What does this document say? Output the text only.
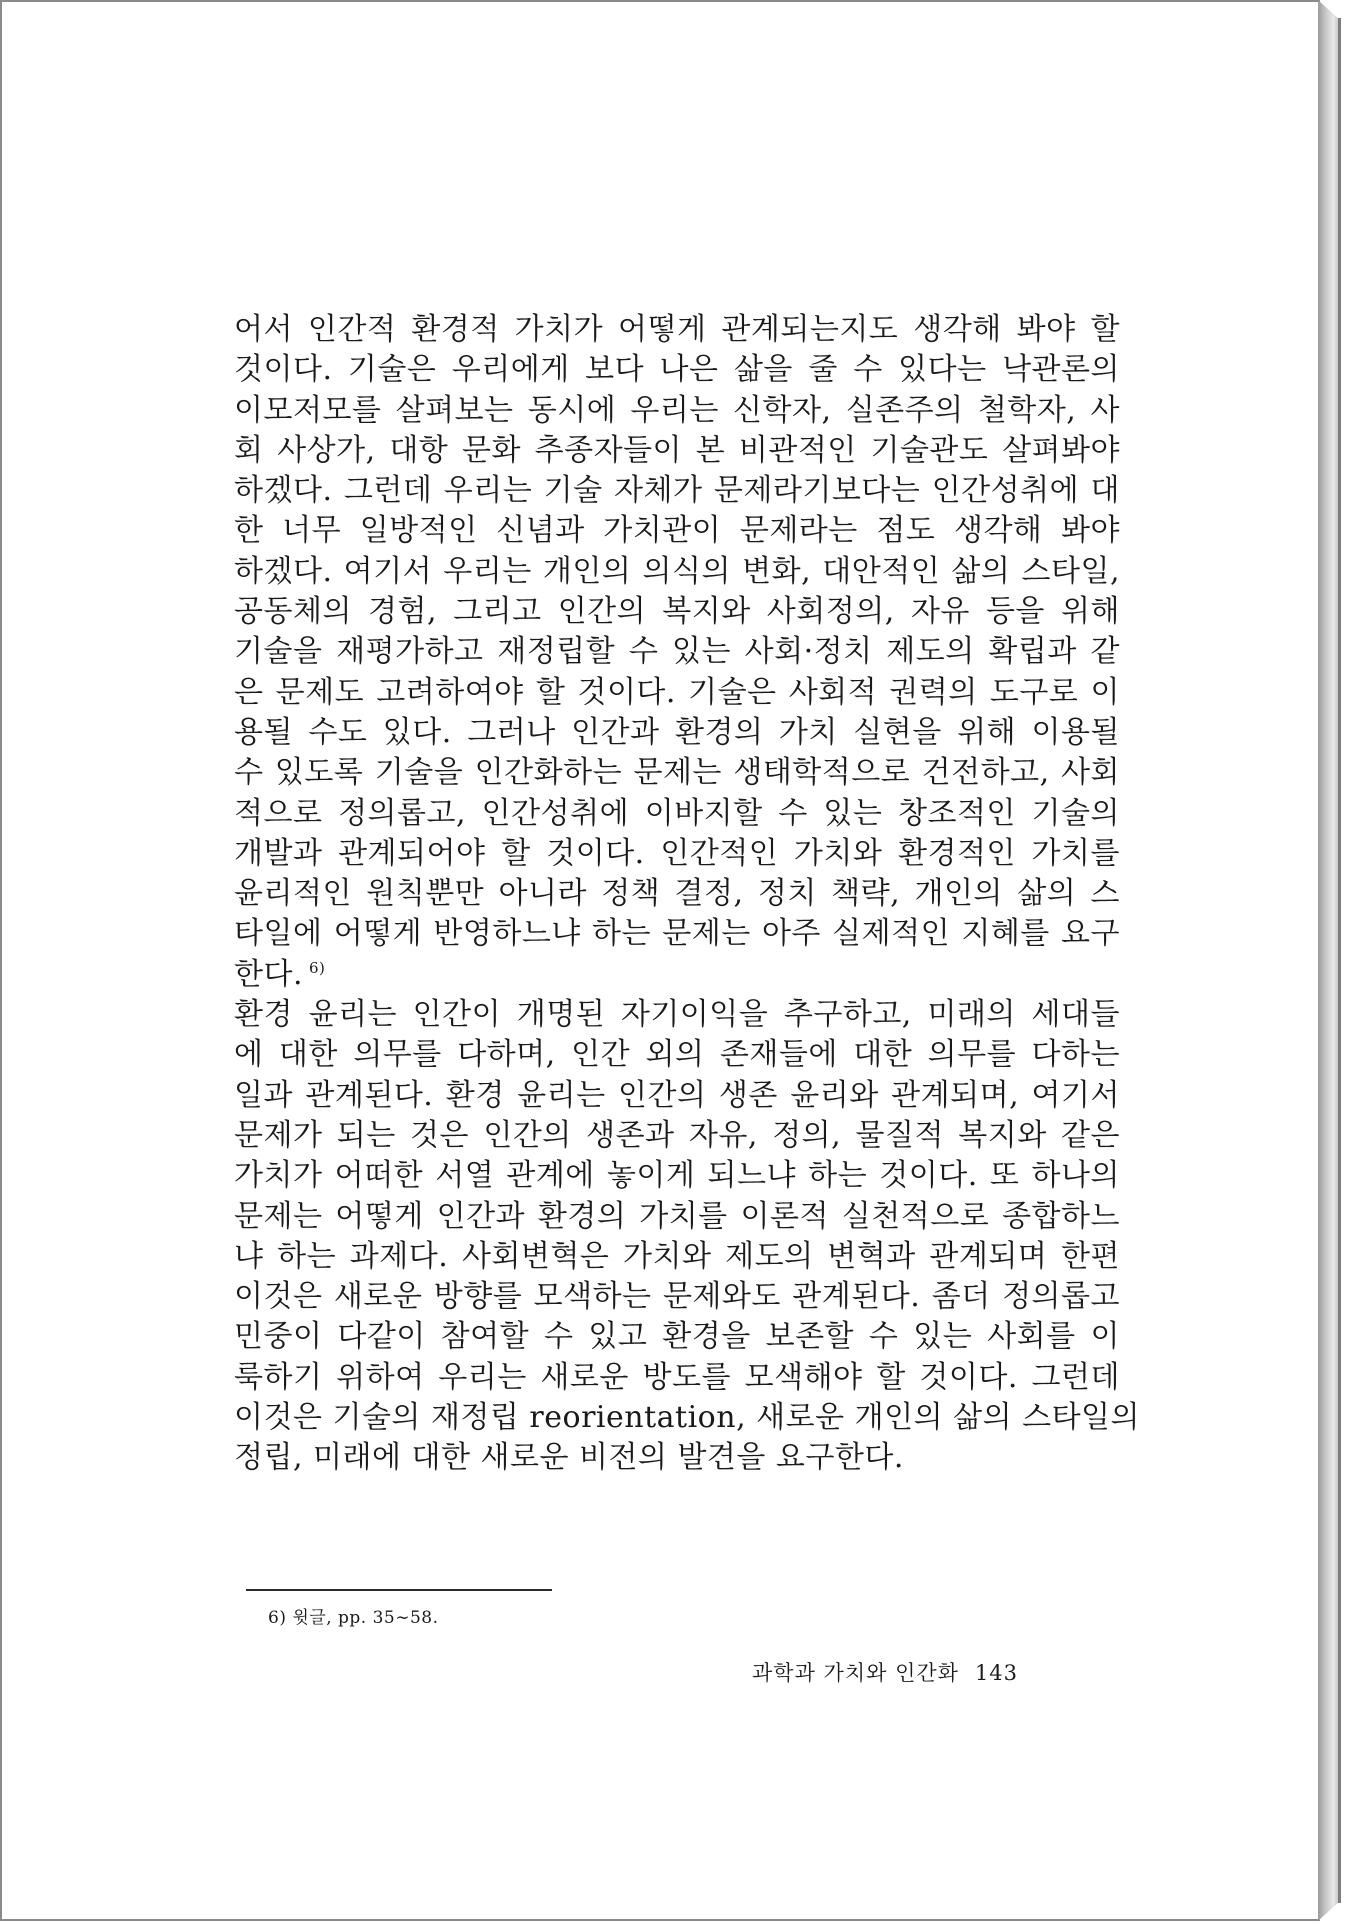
어서 인간적 환경적 가치가 어떻게 관계되는지도 생각해 봐야 할
것이다. 기술은 우리에게 보다 나은 삶을 줄 수 있다는 낙관론의
이모저모를 살펴보는 동시에 우리는 신학자, 실존주의 철학자, 사
회 사상가, 대항 문화 추종자들이 본 비관적인 기술관도 살펴봐야
하겠다. 그런데 우리는 기술 자체가 문제라기보다는 인간성취에 대
한 너무 일방적인 신념과 가치관이 문제라는 점도 생각해 봐야
하겠다. 여기서 우리는 개인의 의식의 변화, 대안적인 삶의 스타일,
공동체의 경험, 그리고 인간의 복지와 사회정의, 자유 등을 위해
기술을 재평가하고 재정립할 수 있는 사회·정치 제도의 확립과 같
은 문제도 고려하여야 할 것이다. 기술은 사회적 권력의 도구로 이
용될 수도 있다. 그러나 인간과 환경의 가치 실현을 위해 이용될
수 있도록 기술을 인간화하는 문제는 생태학적으로 건전하고, 사회
적으로 정의롭고, 인간성취에 이바지할 수 있는 창조적인 기술의
개발과 관계되어야 할 것이다. 인간적인 가치와 환경적인 가치를
윤리적인 원칙뿐만 아니라 정책 결정, 정치 책략, 개인의 삶의 스
타일에 어떻게 반영하느냐 하는 문제는 아주 실제적인 지혜를 요구
한다. $^{6)}$
환경 윤리는 인간이 개명된 자기이익을 추구하고, 미래의 세대들
에 대한 의무를 다하며, 인간 외의 존재들에 대한 의무를 다하는
일과 관계된다. 환경 윤리는 인간의 생존 윤리와 관계되며, 여기서
문제가 되는 것은 인간의 생존과 자유, 정의, 물질적 복지와 같은
가치가 어떠한 서열 관계에 놓이게 되느냐 하는 것이다. 또 하나의
문제는 어떻게 인간과 환경의 가치를 이론적 실천적으로 종합하느
냐 하는 과제다. 사회변혁은 가치와 제도의 변혁과 관계되며 한편
이것은 새로운 방향를 모색하는 문제와도 관계된다. 좀더 정의롭고
민중이 다같이 참여할 수 있고 환경을 보존할 수 있는 사회를 이
룩하기 위하여 우리는 새로운 방도를 모색해야 할 것이다. 그런데
이것은 기술의 재정립 reorientation, 새로운 개인의 삶의 스타일의
정립, 미래에 대한 새로운 비전의 발견을 요구한다.
6) 윗글, pp. 35∼58.
과학과 가치와 인간화 143
